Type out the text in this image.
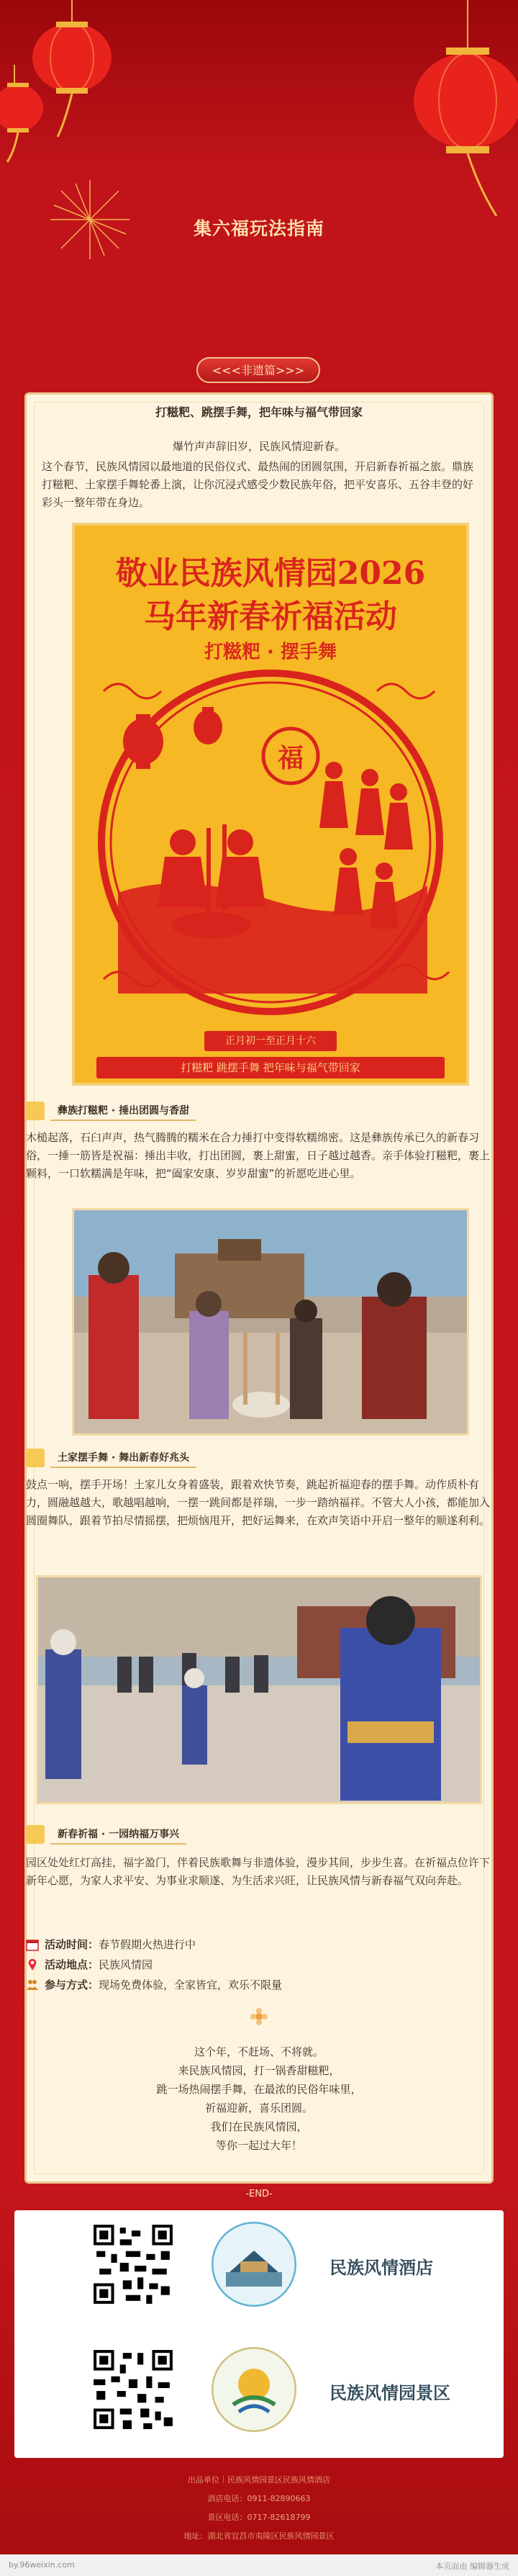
集六福玩法指南
<<<非遗篇>>>
打糍粑、跳摆手舞，把年味与福气带回家
爆竹声声辞旧岁，民族风情迎新春。
这个春节，民族风情园以最地道的民俗仪式、最热闹的团圆氛围，开启新春祈福之旅。鼎族打糍粑、土家摆手舞轮番上演，让你沉浸式感受少数民族年俗，把平安喜乐、五谷丰登的好彩头一整年带在身边。
敬业民族风情园2026
马年新春祈福活动
打糍粑 · 摆手舞
福
正月初一至正月十六
打糍粑 跳摆手舞 把年味与福气带回家
彝族打糍粑 · 捶出团圆与香甜
木槌起落，石臼声声，热气腾腾的糯米在合力捶打中变得软糯绵密。这是彝族传承已久的新春习俗，一捶一筋皆是祝福：捶出丰收，打出团圆，裹上甜蜜，日子越过越香。亲手体验打糍粑，裹上颗料，一口软糯满是年味，把“阖家安康、岁岁甜蜜”的祈愿吃进心里。
土家摆手舞 · 舞出新春好兆头
鼓点一响，摆手开场！土家儿女身着盛装，跟着欢快节奏，跳起祈福迎春的摆手舞。动作质朴有力，圆融越越大，歌越唱越响，一摆一跳间都是祥瑞，一步一踏纳福祥。不管大人小孩，都能加入圆圈舞队，跟着节拍尽情摇摆，把烦恼甩开，把好运舞来，在欢声笑语中开启一整年的顺遂利利。
新春祈福 · 一园纳福万事兴
园区处处红灯高挂，福字盈门，伴着民族歌舞与非遗体验，漫步其间，步步生喜。在祈福点位许下新年心愿，为家人求平安、为事业求顺遂、为生活求兴旺，让民族风情与新春福气双向奔赴。
活动时间： 春节假期火热进行中
活动地点： 民族风情园
参与方式： 现场免费体验，全家皆宜，欢乐不限量
这个年，不赶场、不将就。
来民族风情园，打一锅香甜糍粑，
跳一场热闹摆手舞，在最浓的民俗年味里，
祈福迎新，喜乐团圆。
我们在民族风情园，
等你一起过大年！
-END-
民族风情酒店
民族风情园景区
出品单位｜民族风情园景区民族风情酒店
酒店电话：0911-82890663
景区电话：0717-82618799
地址：湖北省宜昌市夷陵区民族风情园景区
by.96weixin.com	本页面由 编辑器生成
